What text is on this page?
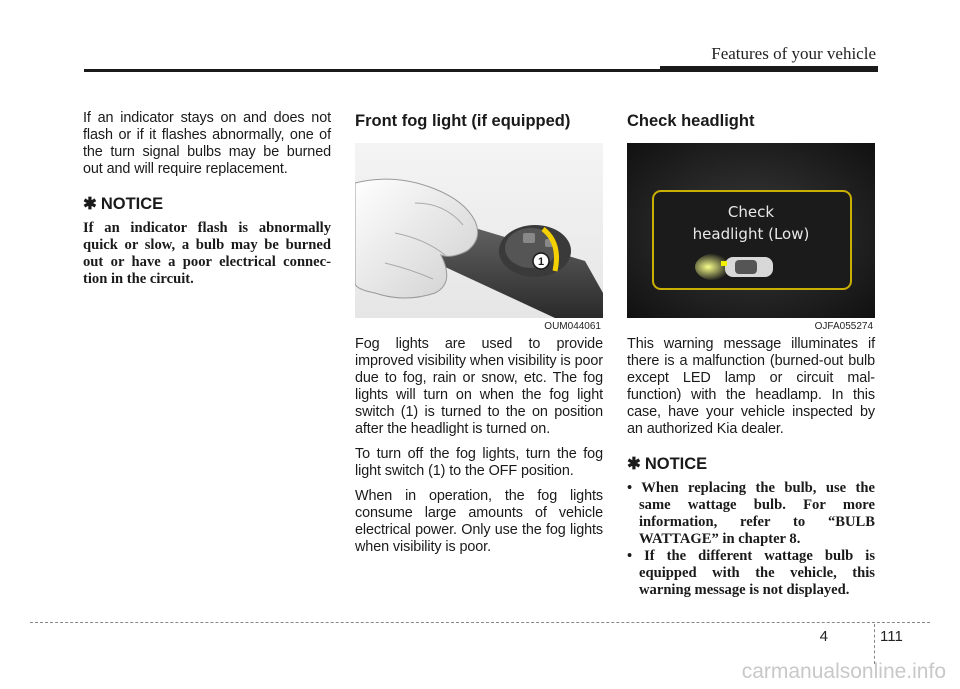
Features of your vehicle

If an indicator stays on and does not flash or if it flashes abnormally, one of the turn signal bulbs may be burned out and will require replacement.

✱ NOTICE

If an indicator flash is abnormally quick or slow, a bulb may be burned out or have a poor electrical connec-tion in the circuit.

Front fog light (if equipped)
1
OUM044061

Fog lights are used to provide improved visibility when visibility is poor due to fog, rain or snow, etc. The fog lights will turn on when the fog light switch (1) is turned to the on position after the headlight is turned on.

To turn off the fog lights, turn the fog light switch (1) to the OFF position.

When in operation, the fog lights consume large amounts of vehicle electrical power. Only use the fog lights when visibility is poor.

Check headlight
Check
headlight (Low)
OJFA055274

This warning message illuminates if there is a malfunction (burned-out bulb except LED lamp or circuit mal-function) with the headlamp. In this case, have your vehicle inspected by an authorized Kia dealer.

✱ NOTICE
• When replacing the bulb, use the same wattage bulb. For more information, refer to “BULB WATTAGE” in chapter 8.
• If the different wattage bulb is equipped with the vehicle, this warning message is not displayed.
4	111
carmanualsonline.info
